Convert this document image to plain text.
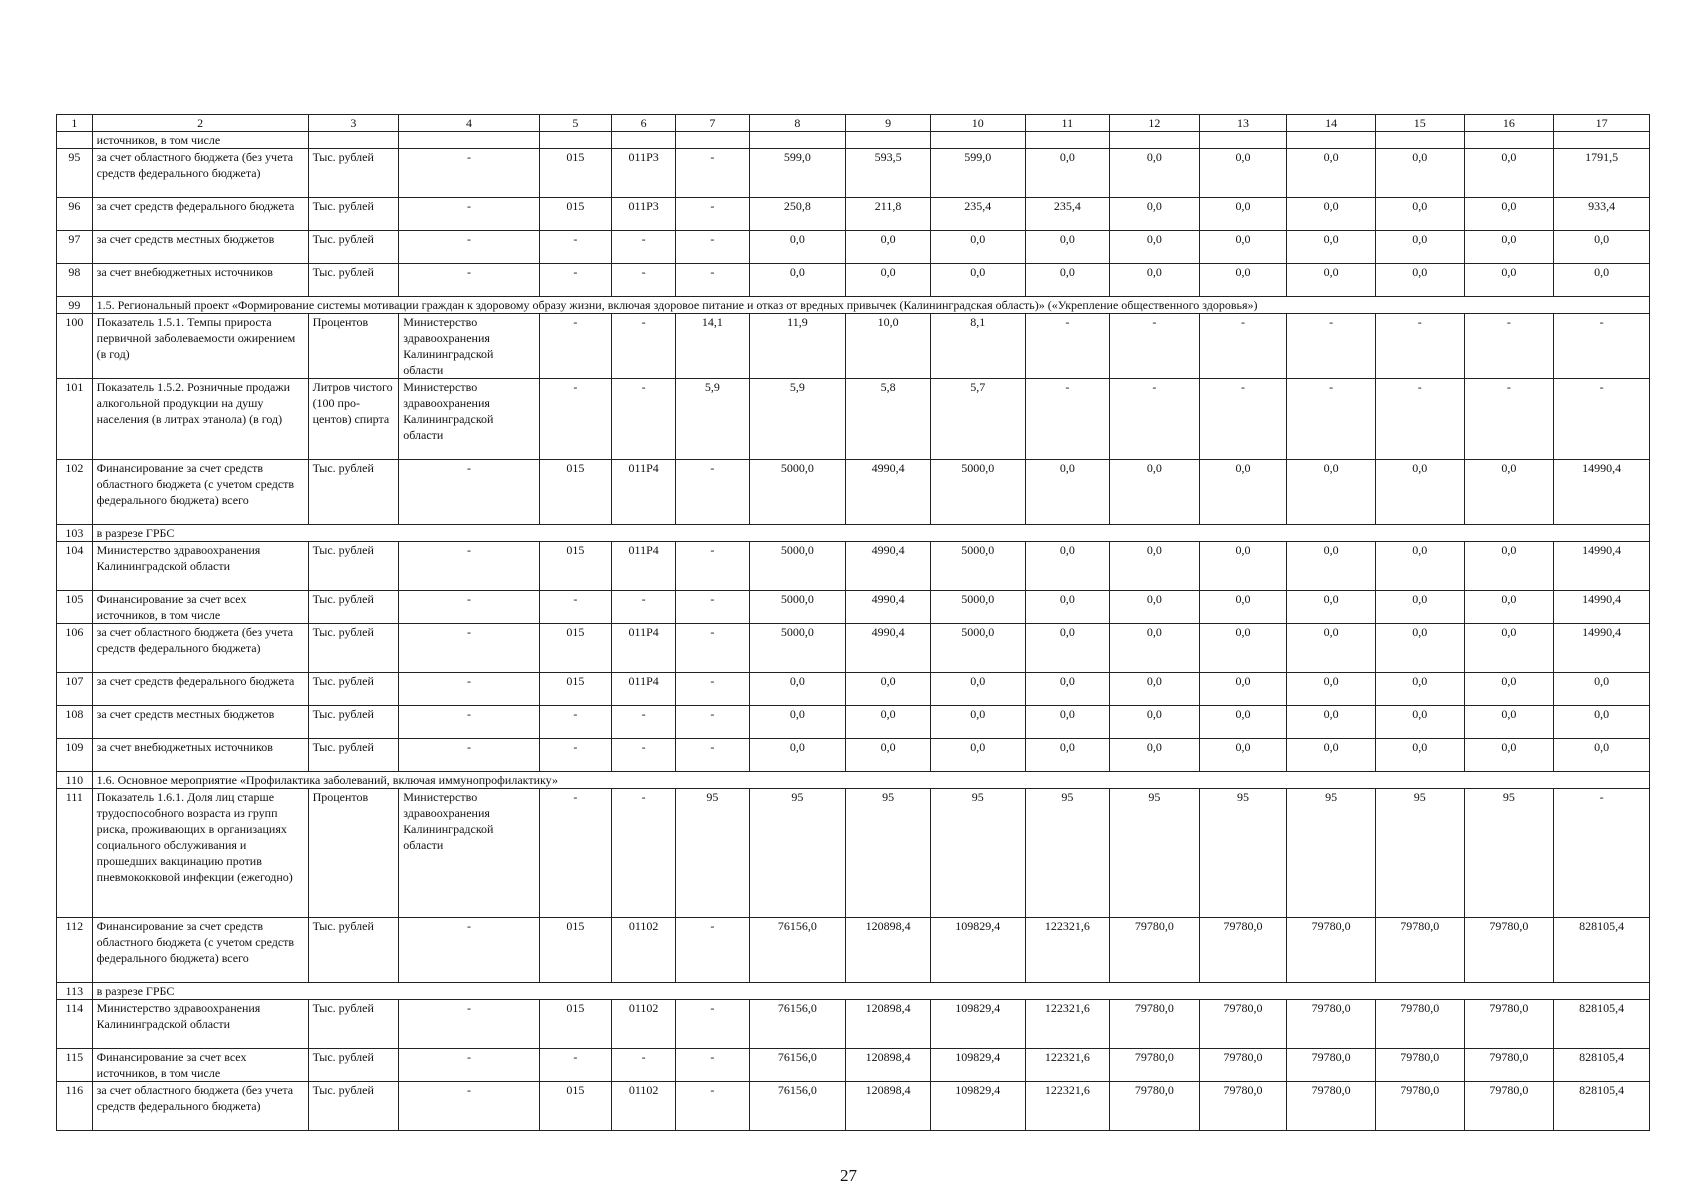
1	2	3	4	5	6	7	8	9	10	11	12	13	14	15	16	17
	источников, в том числе															
95	за счет областного бюджета (без учета средств федерального бюджета)	Тыс. рублей	-	015	011Р3	-	599,0	593,5	599,0	0,0	0,0	0,0	0,0	0,0	0,0	1791,5
96	за счет средств федерального бюджета	Тыс. рублей	-	015	011Р3	-	250,8	211,8	235,4	235,4	0,0	0,0	0,0	0,0	0,0	933,4
97	за счет средств местных бюджетов	Тыс. рублей	-	-	-	-	0,0	0,0	0,0	0,0	0,0	0,0	0,0	0,0	0,0	0,0
98	за счет внебюджетных источников	Тыс. рублей	-	-	-	-	0,0	0,0	0,0	0,0	0,0	0,0	0,0	0,0	0,0	0,0
99	1.5. Региональный проект «Формирование системы мотивации граждан к здоровому образу жизни, включая здоровое питание и отказ от вредных привычек (Калининградская область)» («Укрепление общественного здоровья»)															
100	Показатель 1.5.1. Темпы прироста первичной заболеваемости ожирением (в год)	Процентов	Министерство здравоохранения Калининградской области	-	-	14,1	11,9	10,0	8,1	-	-	-	-	-	-	-
101	Показатель 1.5.2. Розничные продажи алкогольной продукции на душу населения (в литрах этанола) (в год)	Литров чистого (100 про- центов) спирта	Министерство здравоохранения Калининградской области	-	-	5,9	5,9	5,8	5,7	-	-	-	-	-	-	-
102	Финансирование за счет средств областного бюджета (с учетом средств федерального бюджета) всего	Тыс. рублей	-	015	011Р4	-	5000,0	4990,4	5000,0	0,0	0,0	0,0	0,0	0,0	0,0	14990,4
103	в разрезе ГРБС															
104	Министерство здравоохранения Калининградской области	Тыс. рублей	-	015	011Р4	-	5000,0	4990,4	5000,0	0,0	0,0	0,0	0,0	0,0	0,0	14990,4
105	Финансирование за счет всех источников, в том числе	Тыс. рублей	-	-	-	-	5000,0	4990,4	5000,0	0,0	0,0	0,0	0,0	0,0	0,0	14990,4
106	за счет областного бюджета (без учета средств федерального бюджета)	Тыс. рублей	-	015	011Р4	-	5000,0	4990,4	5000,0	0,0	0,0	0,0	0,0	0,0	0,0	14990,4
107	за счет средств федерального бюджета	Тыс. рублей	-	015	011Р4	-	0,0	0,0	0,0	0,0	0,0	0,0	0,0	0,0	0,0	0,0
108	за счет средств местных бюджетов	Тыс. рублей	-	-	-	-	0,0	0,0	0,0	0,0	0,0	0,0	0,0	0,0	0,0	0,0
109	за счет внебюджетных источников	Тыс. рублей	-	-	-	-	0,0	0,0	0,0	0,0	0,0	0,0	0,0	0,0	0,0	0,0
110	1.6. Основное мероприятие «Профилактика заболеваний, включая иммунопрофилактику»															
111	Показатель 1.6.1. Доля лиц старше трудоспособного возраста из групп риска, проживающих в организациях социального обслуживания и прошедших вакцинацию против пневмококковой инфекции (ежегодно)	Процентов	Министерство здравоохранения Калининградской области	-	-	95	95	95	95	95	95	95	95	95	95	-
112	Финансирование за счет средств областного бюджета (с учетом средств федерального бюджета) всего	Тыс. рублей	-	015	01102	-	76156,0	120898,4	109829,4	122321,6	79780,0	79780,0	79780,0	79780,0	79780,0	828105,4
113	в разрезе ГРБС															
114	Министерство здравоохранения Калининградской области	Тыс. рублей	-	015	01102	-	76156,0	120898,4	109829,4	122321,6	79780,0	79780,0	79780,0	79780,0	79780,0	828105,4
115	Финансирование за счет всех источников, в том числе	Тыс. рублей	-	-	-	-	76156,0	120898,4	109829,4	122321,6	79780,0	79780,0	79780,0	79780,0	79780,0	828105,4
116	за счет областного бюджета (без учета средств федерального бюджета)	Тыс. рублей	-	015	01102	-	76156,0	120898,4	109829,4	122321,6	79780,0	79780,0	79780,0	79780,0	79780,0	828105,4
27
